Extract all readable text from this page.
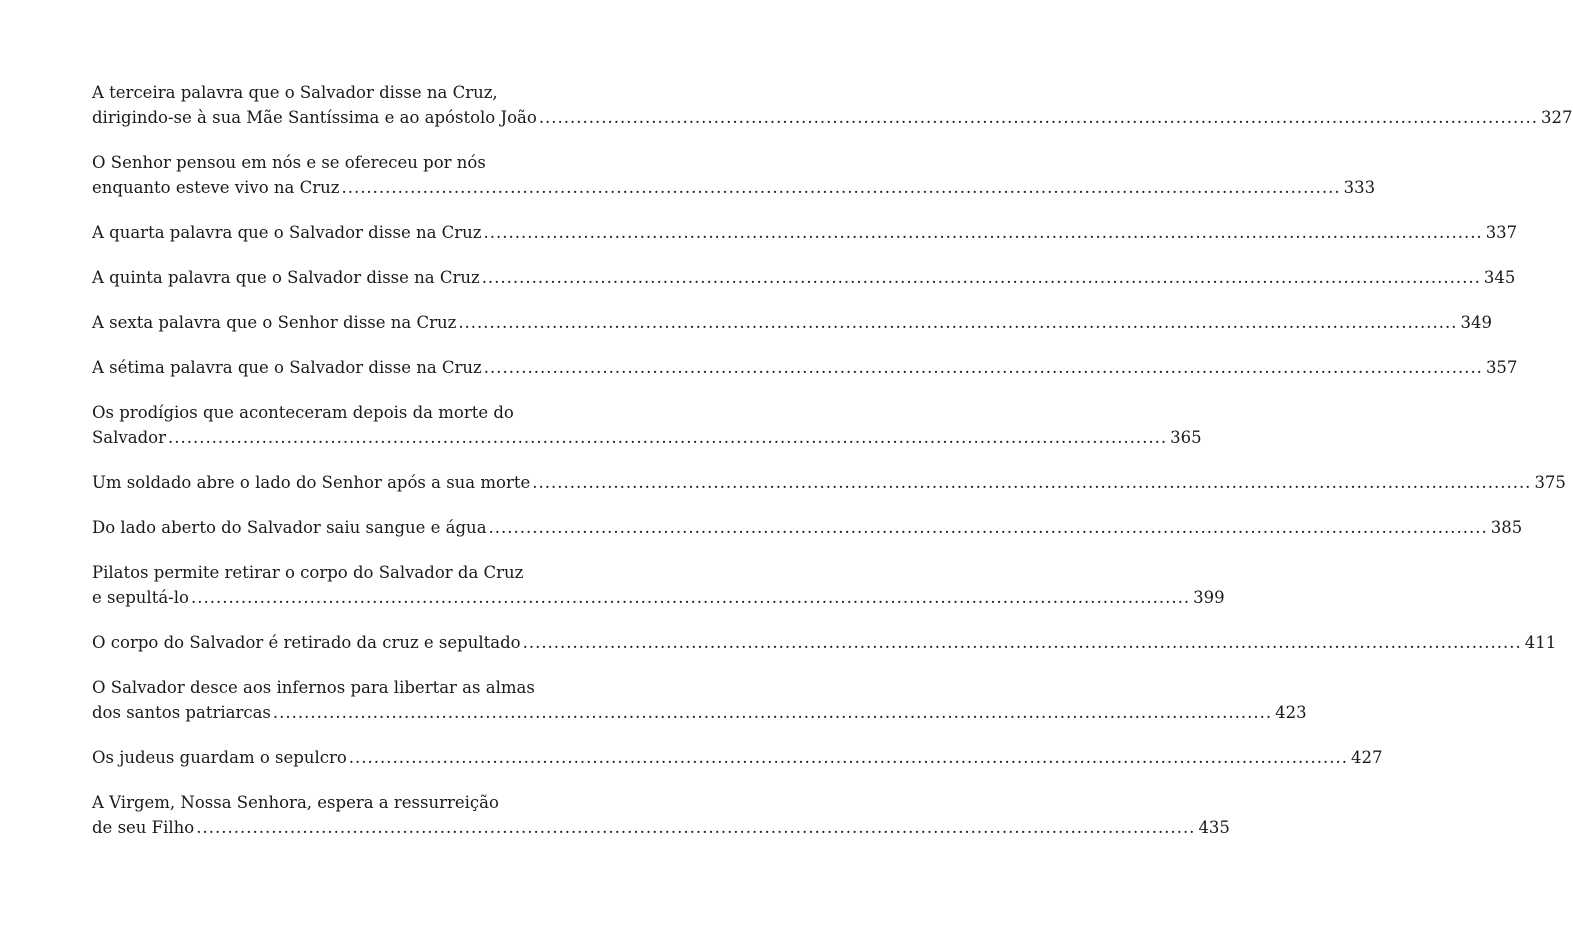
A terceira palavra que o Salvador disse na Cruz,
dirigindo-se à sua Mãe Santíssima e ao apóstolo João .....	327
O Senhor pensou em nós e se ofereceu por nós
enquanto esteve vivo na Cruz .....	333
A quarta palavra que o Salvador disse na Cruz .....	337
A quinta palavra que o Salvador disse na Cruz .....	345
A sexta palavra que o Senhor disse na Cruz .....	349
A sétima palavra que o Salvador disse na Cruz .....	357
Os prodígios que aconteceram depois da morte do
Salvador .....	365
Um soldado abre o lado do Senhor após a sua morte .....	375
Do lado aberto do Salvador saiu sangue e água .....	385
Pilatos permite retirar o corpo do Salvador da Cruz
e sepultá-lo .....	399
O corpo do Salvador é retirado da cruz e sepultado .....	411
O Salvador desce aos infernos para libertar as almas
dos santos patriarcas .....	423
Os judeus guardam o sepulcro .....	427
A Virgem, Nossa Senhora, espera a ressurreição
de seu Filho .....	435
